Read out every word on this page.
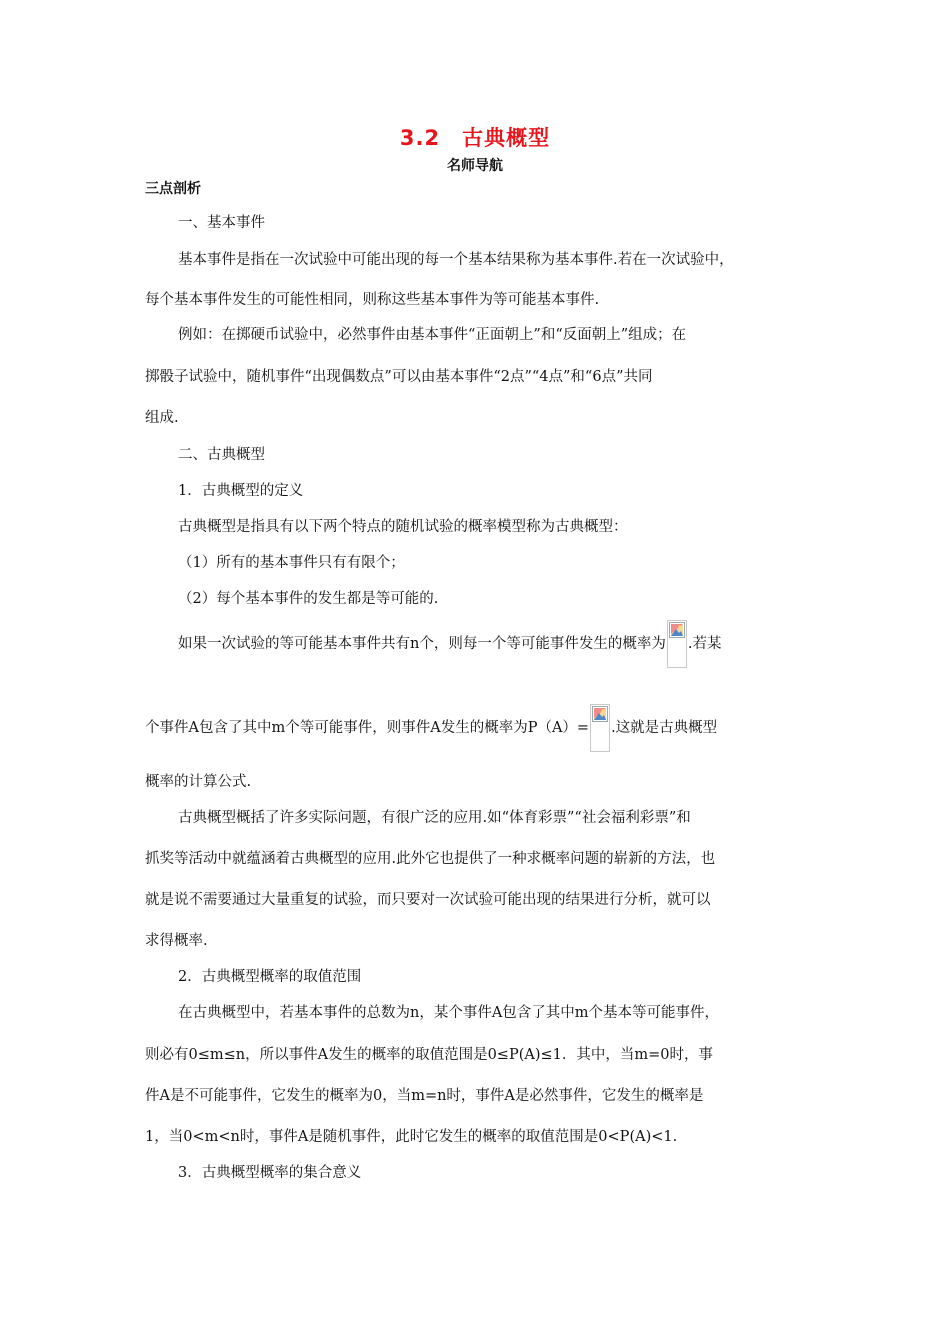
3.2　古典概型
名师导航
三点剖析
一、基本事件
基本事件是指在一次试验中可能出现的每一个基本结果称为基本事件.若在一次试验中，
每个基本事件发生的可能性相同，则称这些基本事件为等可能基本事件.
例如：在掷硬币试验中，必然事件由基本事件“正面朝上”和“反面朝上”组成；在
掷骰子试验中，随机事件“出现偶数点”可以由基本事件“2点”“4点”和“6点”共同
组成.
二、古典概型
1．古典概型的定义
古典概型是指具有以下两个特点的随机试验的概率模型称为古典概型：
（1）所有的基本事件只有有限个；
（2）每个基本事件的发生都是等可能的.
如果一次试验的等可能基本事件共有n个，则每一个等可能事件发生的概率为 .若某
个事件A包含了其中m个等可能事件，则事件A发生的概率为P（A）= .这就是古典概型
概率的计算公式.
古典概型概括了许多实际问题，有很广泛的应用.如“体育彩票”“社会福利彩票”和
抓奖等活动中就蕴涵着古典概型的应用.此外它也提供了一种求概率问题的崭新的方法，也
就是说不需要通过大量重复的试验，而只要对一次试验可能出现的结果进行分析，就可以
求得概率.
2．古典概型概率的取值范围
在古典概型中，若基本事件的总数为n，某个事件A包含了其中m个基本等可能事件，
则必有0≤m≤n，所以事件A发生的概率的取值范围是0≤P(A)≤1．其中，当m=0时，事
件A是不可能事件，它发生的概率为0，当m=n时，事件A是必然事件，它发生的概率是
1，当0<m<n时，事件A是随机事件，此时它发生的概率的取值范围是0<P(A)<1.
3．古典概型概率的集合意义
